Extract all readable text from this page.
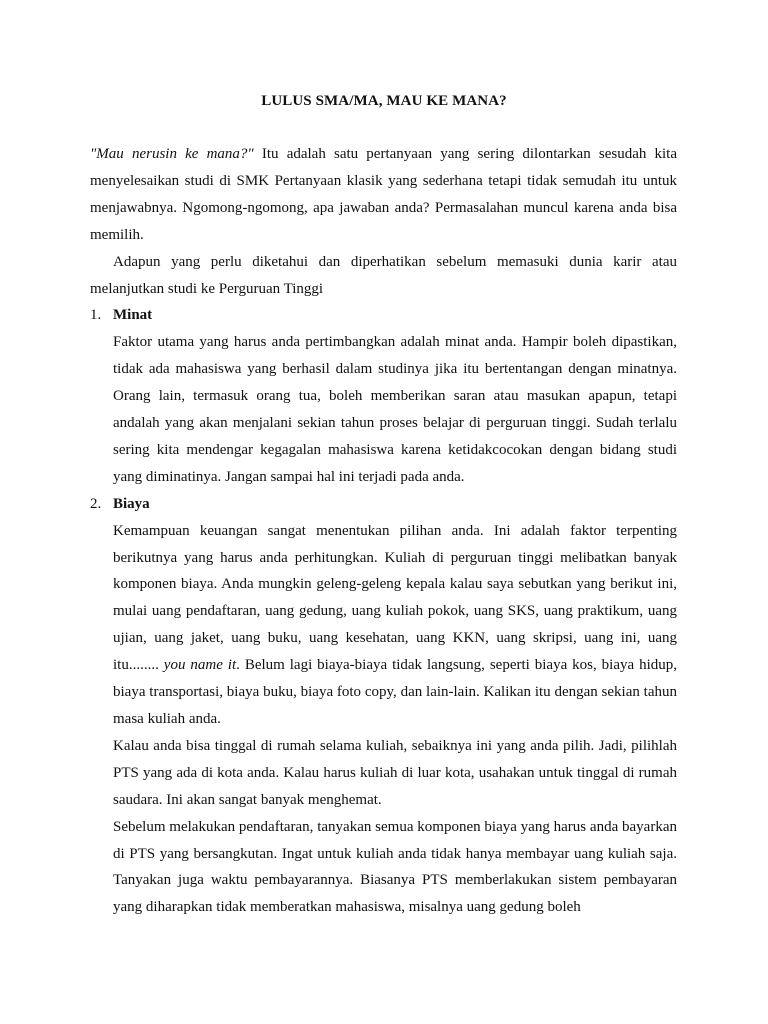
LULUS SMA/MA, MAU KE MANA?

"Mau nerusin ke mana?" Itu adalah satu pertanyaan yang sering dilontarkan sesudah kita menyelesaikan studi di SMK Pertanyaan klasik yang sederhana tetapi tidak semudah itu untuk menjawabnya. Ngomong-ngomong, apa jawaban anda? Permasalahan muncul karena anda bisa memilih.

Adapun yang perlu diketahui dan diperhatikan sebelum memasuki dunia karir atau melanjutkan studi ke Perguruan Tinggi

1. Minat

Faktor utama yang harus anda pertimbangkan adalah minat anda. Hampir boleh dipastikan, tidak ada mahasiswa yang berhasil dalam studinya jika itu bertentangan dengan minatnya. Orang lain, termasuk orang tua, boleh memberikan saran atau masukan apapun, tetapi andalah yang akan menjalani sekian tahun proses belajar di perguruan tinggi. Sudah terlalu sering kita mendengar kegagalan mahasiswa karena ketidakcocokan dengan bidang studi yang diminatinya. Jangan sampai hal ini terjadi pada anda.

2. Biaya

Kemampuan keuangan sangat menentukan pilihan anda. Ini adalah faktor terpenting berikutnya yang harus anda perhitungkan. Kuliah di perguruan tinggi melibatkan banyak komponen biaya. Anda mungkin geleng-geleng kepala kalau saya sebutkan yang berikut ini, mulai uang pendaftaran, uang gedung, uang kuliah pokok, uang SKS, uang praktikum, uang ujian, uang jaket, uang buku, uang kesehatan, uang KKN, uang skripsi, uang ini, uang itu........ you name it. Belum lagi biaya-biaya tidak langsung, seperti biaya kos, biaya hidup, biaya transportasi, biaya buku, biaya foto copy, dan lain-lain. Kalikan itu dengan sekian tahun masa kuliah anda.

Kalau anda bisa tinggal di rumah selama kuliah, sebaiknya ini yang anda pilih. Jadi, pilihlah PTS yang ada di kota anda. Kalau harus kuliah di luar kota, usahakan untuk tinggal di rumah saudara. Ini akan sangat banyak menghemat.

Sebelum melakukan pendaftaran, tanyakan semua komponen biaya yang harus anda bayarkan di PTS yang bersangkutan. Ingat untuk kuliah anda tidak hanya membayar uang kuliah saja. Tanyakan juga waktu pembayarannya. Biasanya PTS memberlakukan sistem pembayaran yang diharapkan tidak memberatkan mahasiswa, misalnya uang gedung boleh
